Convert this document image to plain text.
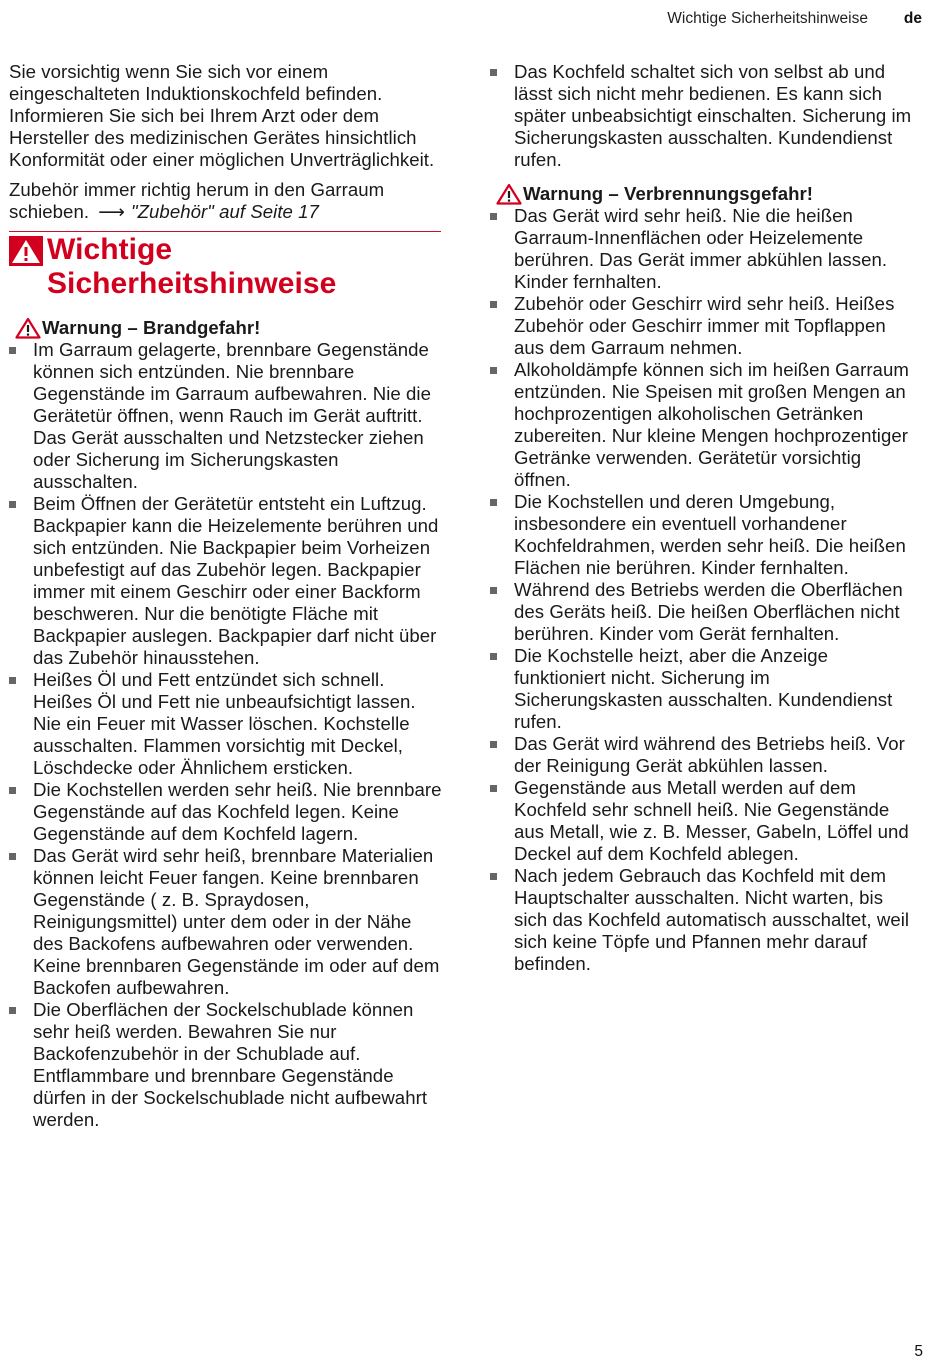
Wichtige Sicherheitshinweise de

Sie vorsichtig wenn Sie sich vor einem eingeschalteten Induktionskochfeld befinden. Informieren Sie sich bei Ihrem Arzt oder dem Hersteller des medizinischen Gerätes hinsichtlich Konformität oder einer möglichen Unverträglichkeit.

Zubehör immer richtig herum in den Garraum schieben. ⟶ "Zubehör" auf Seite 17

Wichtige
Sicherheitshinweise
Warnung – Brandgefahr!
Im Garraum gelagerte, brennbare Gegenstände können sich entzünden. Nie brennbare Gegenstände im Garraum aufbewahren. Nie die Gerätetür öffnen, wenn Rauch im Gerät auftritt. Das Gerät ausschalten und Netzstecker ziehen oder Sicherung im Sicherungskasten ausschalten.
Beim Öffnen der Gerätetür entsteht ein Luftzug. Backpapier kann die Heizelemente berühren und sich entzünden. Nie Backpapier beim Vorheizen unbefestigt auf das Zubehör legen. Backpapier immer mit einem Geschirr oder einer Backform beschweren. Nur die benötigte Fläche mit Backpapier auslegen. Backpapier darf nicht über das Zubehör hinausstehen.
Heißes Öl und Fett entzündet sich schnell. Heißes Öl und Fett nie unbeaufsichtigt lassen. Nie ein Feuer mit Wasser löschen. Kochstelle ausschalten. Flammen vorsichtig mit Deckel, Löschdecke oder Ähnlichem ersticken.
Die Kochstellen werden sehr heiß. Nie brennbare Gegenstände auf das Kochfeld legen. Keine Gegenstände auf dem Kochfeld lagern.
Das Gerät wird sehr heiß, brennbare Materialien können leicht Feuer fangen. Keine brennbaren Gegenstände ( z. B. Spraydosen, Reinigungsmittel) unter dem oder in der Nähe des Backofens aufbewahren oder verwenden. Keine brennbaren Gegenstände im oder auf dem Backofen aufbewahren.
Die Oberflächen der Sockelschublade können sehr heiß werden. Bewahren Sie nur Backofenzubehör in der Schublade auf. Entflammbare und brennbare Gegenstände dürfen in der Sockelschublade nicht aufbewahrt werden.
Das Kochfeld schaltet sich von selbst ab und lässt sich nicht mehr bedienen. Es kann sich später unbeabsichtigt einschalten. Sicherung im Sicherungskasten ausschalten. Kundendienst rufen.
Warnung – Verbrennungsgefahr!
Das Gerät wird sehr heiß. Nie die heißen Garraum-Innenflächen oder Heizelemente berühren. Das Gerät immer abkühlen lassen. Kinder fernhalten.
Zubehör oder Geschirr wird sehr heiß. Heißes Zubehör oder Geschirr immer mit Topflappen aus dem Garraum nehmen.
Alkoholdämpfe können sich im heißen Garraum entzünden. Nie Speisen mit großen Mengen an hochprozentigen alkoholischen Getränken zubereiten. Nur kleine Mengen hochprozentiger Getränke verwenden. Gerätetür vorsichtig öffnen.
Die Kochstellen und deren Umgebung, insbesondere ein eventuell vorhandener Kochfeldrahmen, werden sehr heiß. Die heißen Flächen nie berühren. Kinder fernhalten.
Während des Betriebs werden die Oberflächen des Geräts heiß. Die heißen Oberflächen nicht berühren. Kinder vom Gerät fernhalten.
Die Kochstelle heizt, aber die Anzeige funktioniert nicht. Sicherung im Sicherungskasten ausschalten. Kundendienst rufen.
Das Gerät wird während des Betriebs heiß. Vor der Reinigung Gerät abkühlen lassen.
Gegenstände aus Metall werden auf dem Kochfeld sehr schnell heiß. Nie Gegenstände aus Metall, wie z. B. Messer, Gabeln, Löffel und Deckel auf dem Kochfeld ablegen.
Nach jedem Gebrauch das Kochfeld mit dem Hauptschalter ausschalten. Nicht warten, bis sich das Kochfeld automatisch ausschaltet, weil sich keine Töpfe und Pfannen mehr darauf befinden.
5
